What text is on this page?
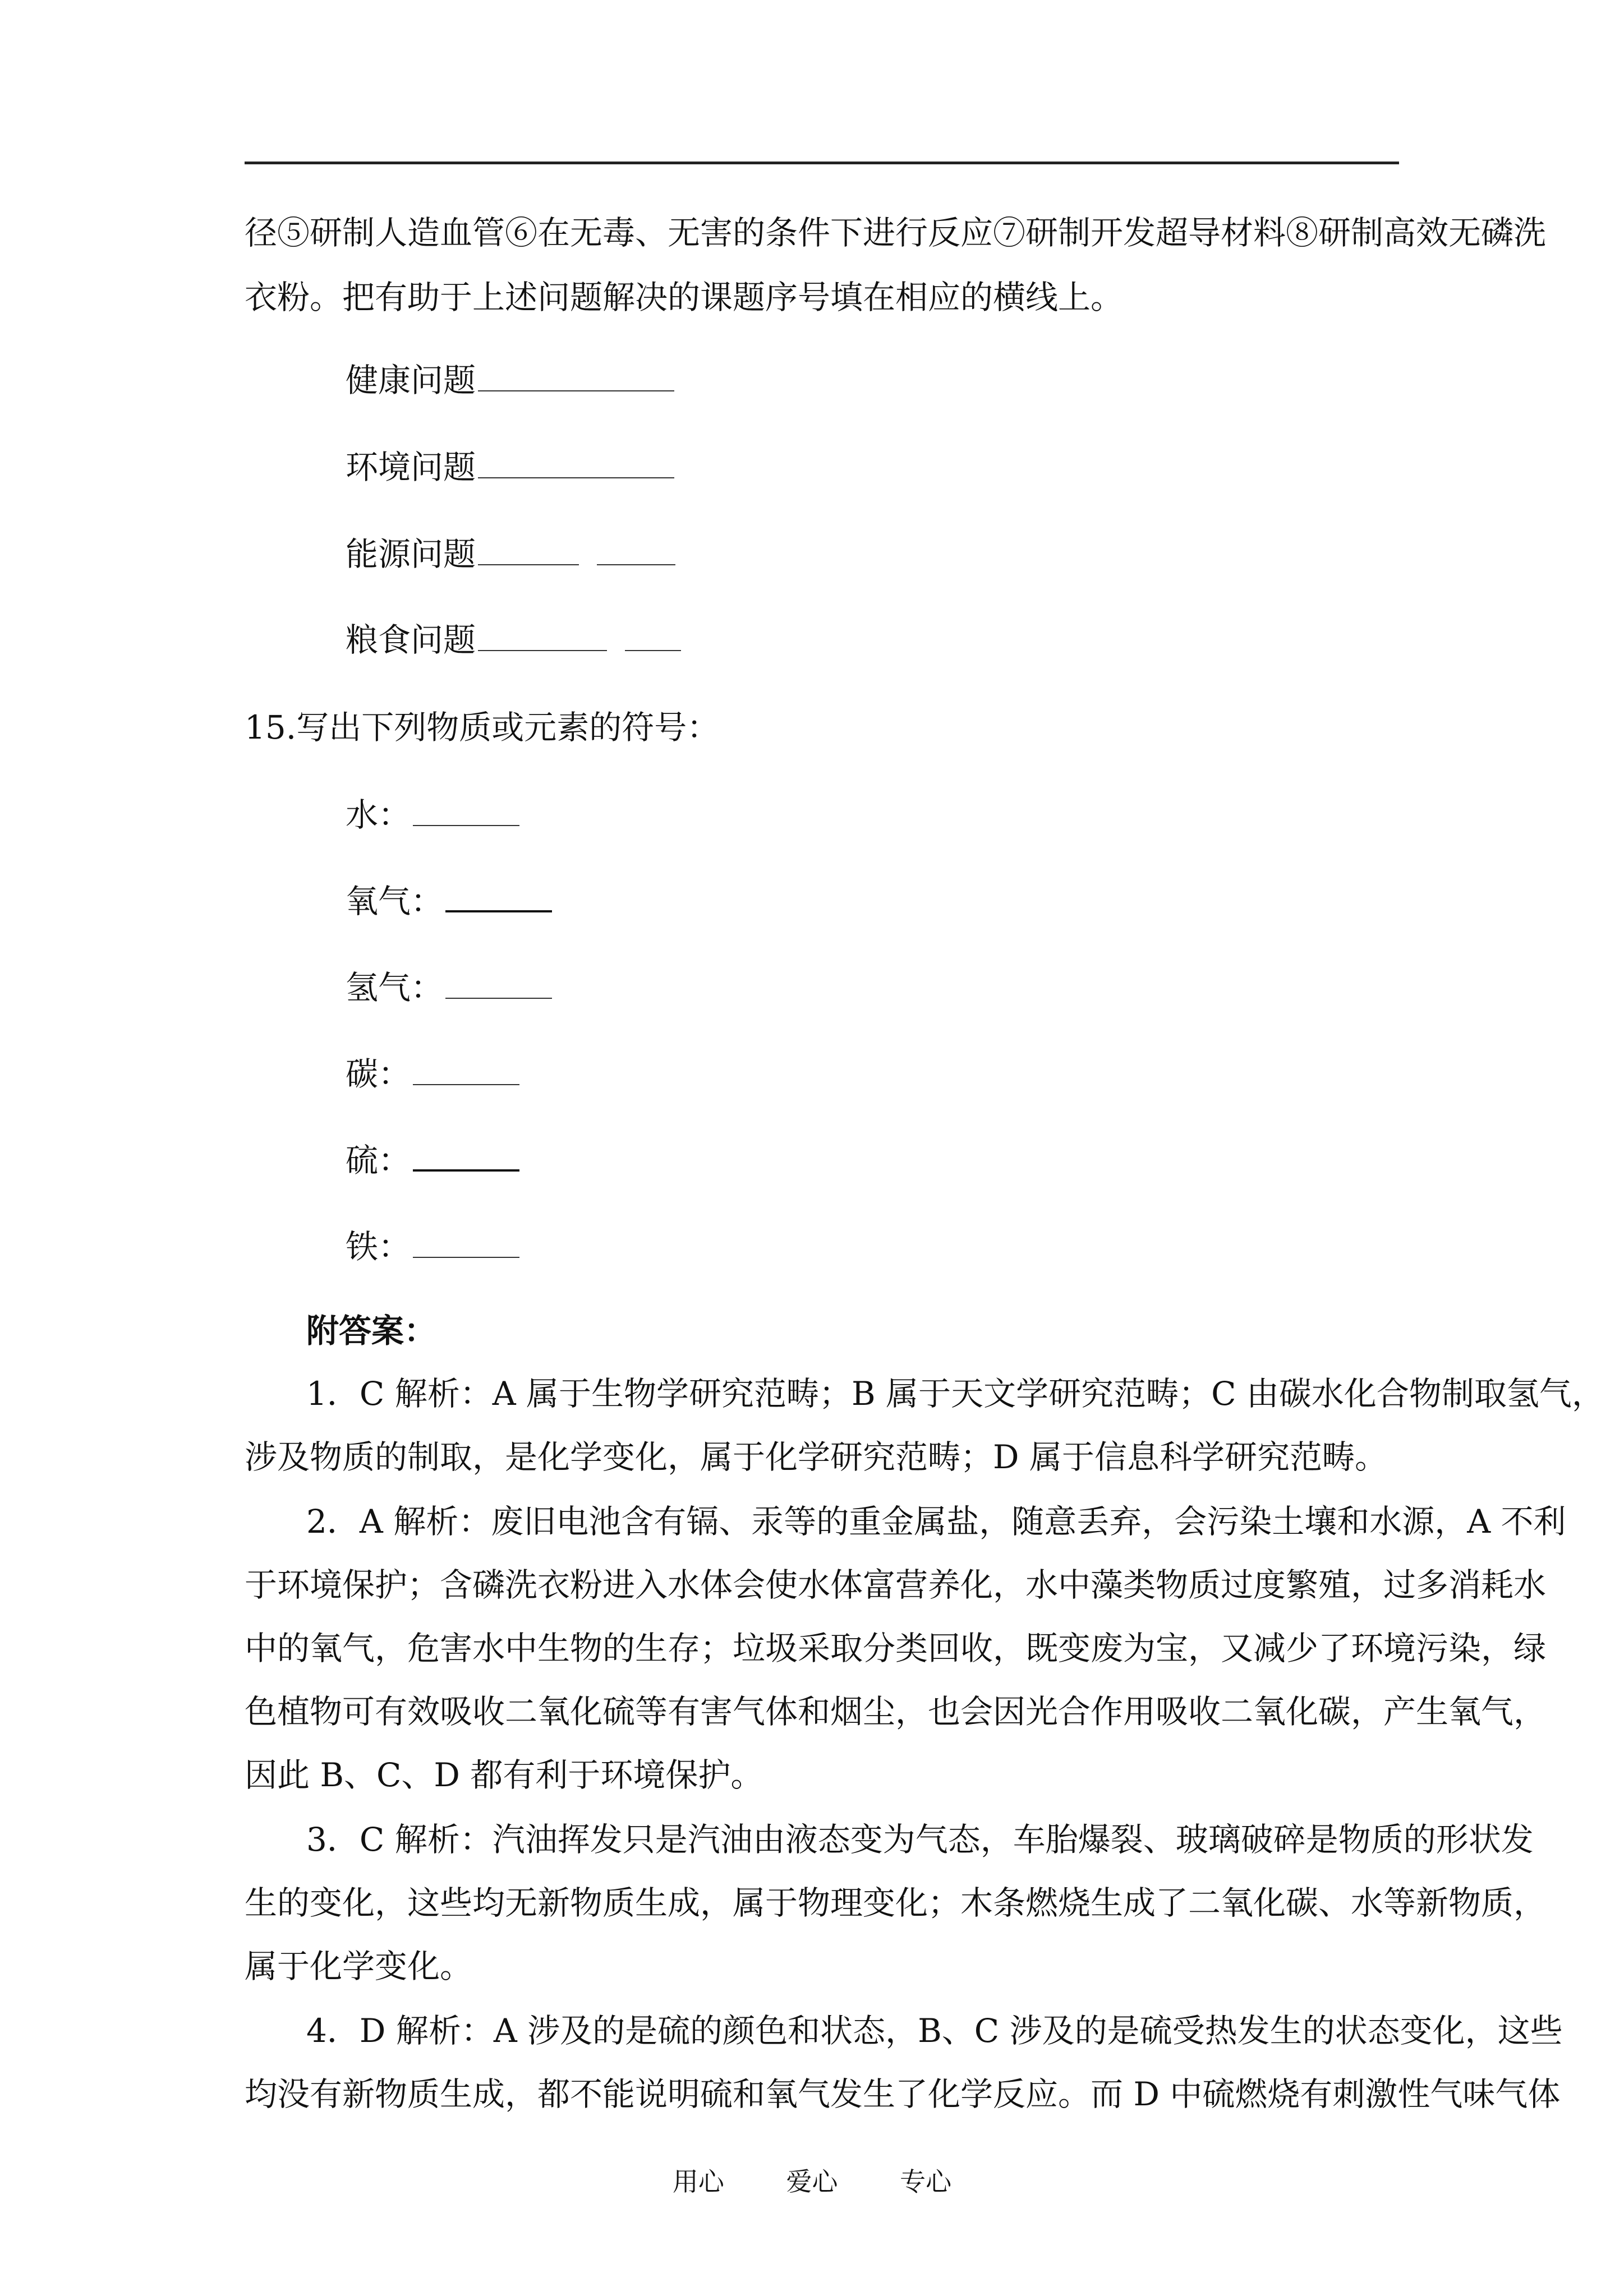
径⑤研制人造血管⑥在无毒、无害的条件下进行反应⑦研制开发超导材料⑧研制高效无磷洗
衣粉。把有助于上述问题解决的课题序号填在相应的横线上。
健康问题
环境问题
能源问题
粮食问题
15.写出下列物质或元素的符号：
水：
氧气：
氢气：
碳：
硫：
铁：
附答案：
1．C 解析：A 属于生物学研究范畴；B 属于天文学研究范畴；C 由碳水化合物制取氢气，
涉及物质的制取，是化学变化，属于化学研究范畴；D 属于信息科学研究范畴。
2．A 解析：废旧电池含有镉、汞等的重金属盐，随意丢弃，会污染土壤和水源，A 不利
于环境保护；含磷洗衣粉进入水体会使水体富营养化，水中藻类物质过度繁殖，过多消耗水
中的氧气，危害水中生物的生存；垃圾采取分类回收，既变废为宝，又减少了环境污染，绿
色植物可有效吸收二氧化硫等有害气体和烟尘，也会因光合作用吸收二氧化碳，产生氧气，
因此 B、C、D 都有利于环境保护。
3．C 解析：汽油挥发只是汽油由液态变为气态，车胎爆裂、玻璃破碎是物质的形状发
生的变化，这些均无新物质生成，属于物理变化；木条燃烧生成了二氧化碳、水等新物质，
属于化学变化。
4．D 解析：A 涉及的是硫的颜色和状态，B、C 涉及的是硫受热发生的状态变化，这些
均没有新物质生成，都不能说明硫和氧气发生了化学反应。而 D 中硫燃烧有刺激性气味气体
用心 爱心 专心
